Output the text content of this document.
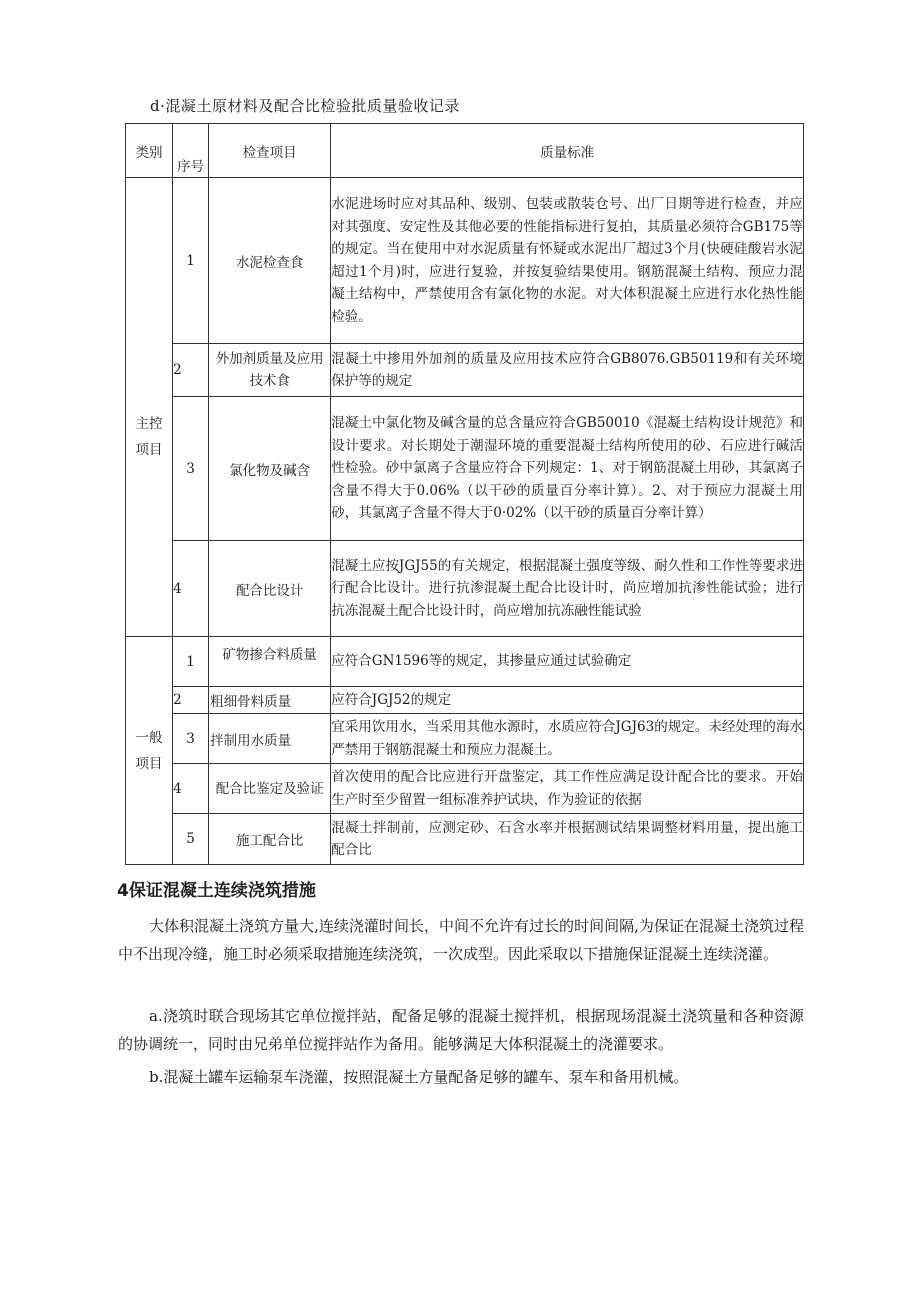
d·混凝土原材料及配合比检验批质量验收记录
类别	序号	检查项目	质量标准

主控项目	1	水泥检查食	水泥进场时应对其品种、级别、包装或散装仓号、出厂日期等进行检查，并应对其强度、安定性及其他必要的性能指标进行复拍，其质量必须符合GB175等的规定。当在使用中对水泥质量有怀疑或水泥出厂超过3个月(快硬硅酸岩水泥超过1个月)时，应进行复验，并按复验结果使用。钢筋混凝土结构、预应力混凝土结构中，严禁使用含有氯化物的水泥。对大体积混凝土应进行水化热性能检验。
	2	外加剂质量及应用技术食	混凝土中掺用外加剂的质量及应用技术应符合GB8076.GB50119和有关环境保护等的规定
	3	氯化物及碱含	混凝土中氯化物及碱含量的总含量应符合GB50010《混凝土结构设计规范》和设计要求。对长期处于潮湿环境的重要混凝土结构所使用的砂、石应进行碱活性检验。砂中氯离子含量应符合下列规定：1、对于钢筋混凝土用砂，其氯离子含量不得大于0.06%（以干砂的质量百分率计算）。2、对于预应力混凝土用砂，其氯离子含量不得大于0·02%（以干砂的质量百分率计算）
	4	配合比设计	混凝土应按JGJ55的有关规定，根据混凝土强度等级、耐久性和工作性等要求进行配合比设计。进行抗渗混凝土配合比设计时，尚应增加抗渗性能试验；进行抗冻混凝土配合比设计时，尚应增加抗冻融性能试验

一般项目	1	矿物掺合料质量	应符合GN1596等的规定，其掺量应通过试验确定
	2	粗细骨料质量	应符合JGJ52的规定
	3	拌制用水质量	宜采用饮用水，当采用其他水源时，水质应符合JGJ63的规定。未经处理的海水严禁用于钢筋混凝土和预应力混凝土。
	4	配合比鉴定及验证	首次使用的配合比应进行开盘鉴定，其工作性应满足设计配合比的要求。开始生产时至少留置一组标准养护试块，作为验证的依据
	5	施工配合比	混凝土拌制前，应测定砂、石含水率并根据测试结果调整材料用量，提出施工配合比
4保证混凝土连续浇筑措施

大体积混凝土浇筑方量大,连续浇灌时间长，中间不允许有过长的时间间隔,为保证在混凝土浇筑过程中不出现冷缝，施工时必须采取措施连续浇筑，一次成型。因此采取以下措施保证混凝土连续浇灌。

a.浇筑时联合现场其它单位搅拌站，配备足够的混凝土搅拌机，根据现场混凝土浇筑量和各种资源的协调统一，同时由兄弟单位搅拌站作为备用。能够满足大体积混凝土的浇灌要求。

b.混凝土罐车运输泵车浇灌，按照混凝土方量配备足够的罐车、泵车和备用机械。
